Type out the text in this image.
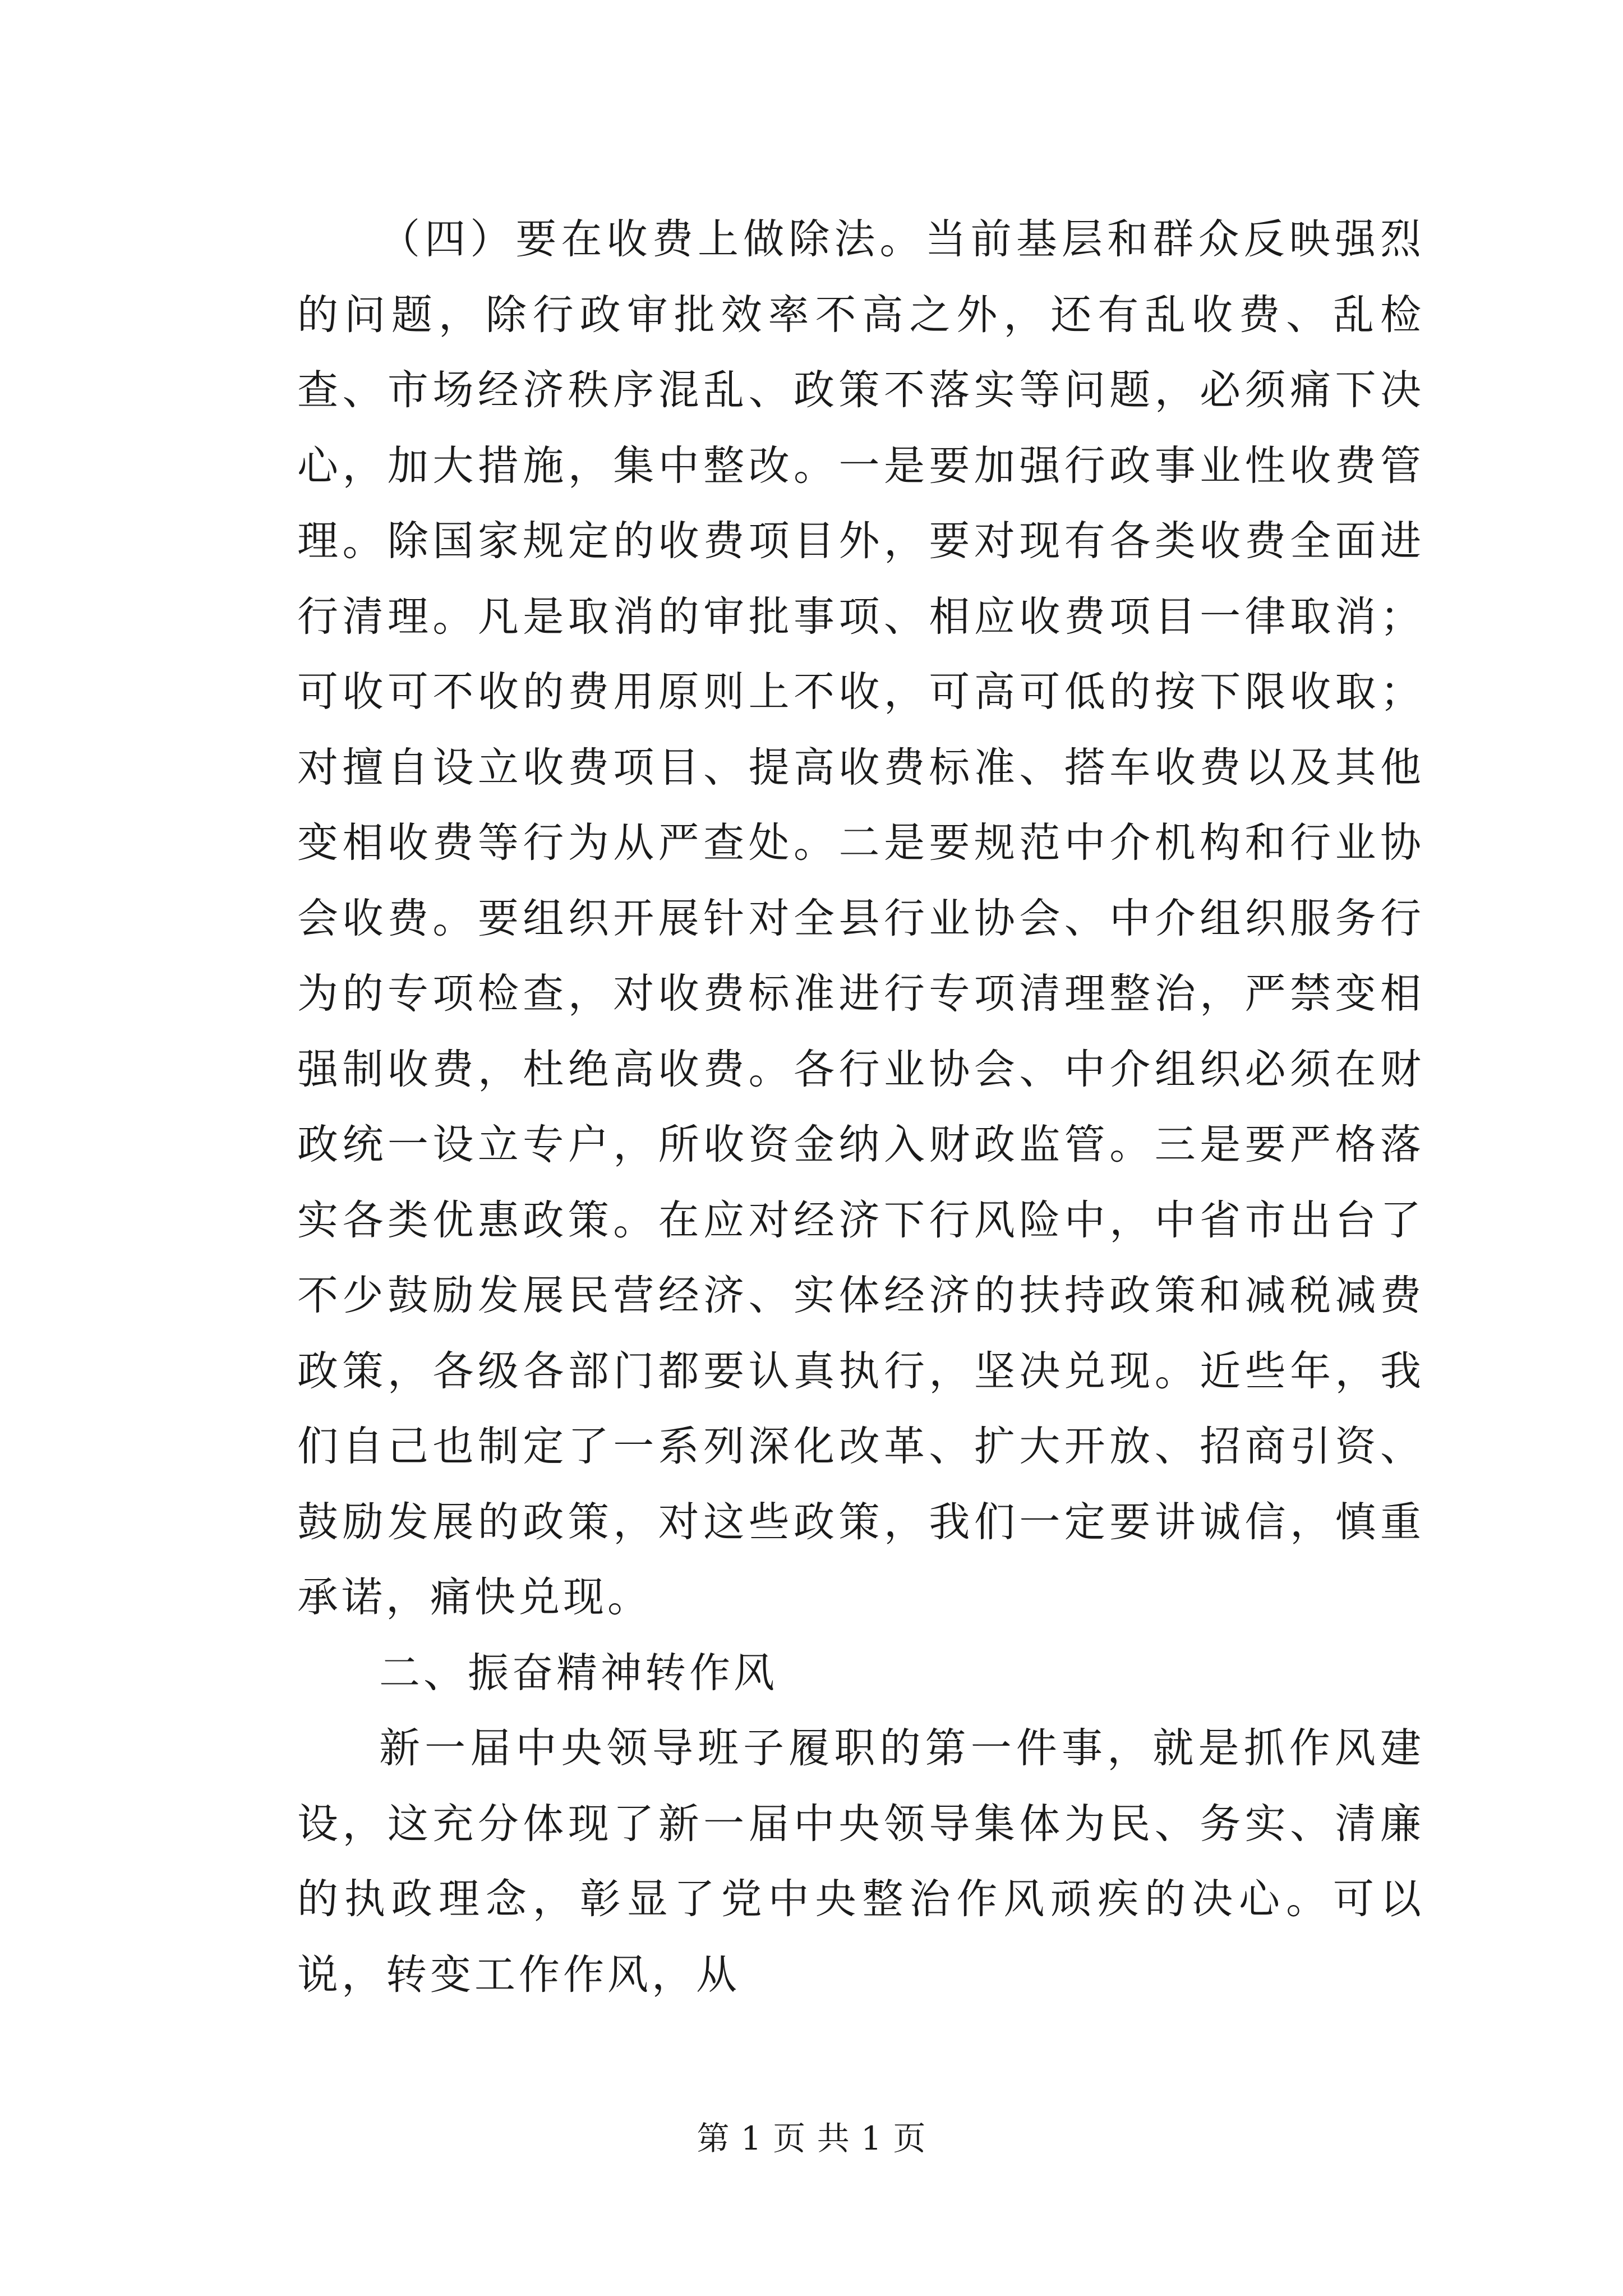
（四）要在收费上做除法。当前基层和群众反映强烈的问题，除行政审批效率不高之外，还有乱收费、乱检查、市场经济秩序混乱、政策不落实等问题，必须痛下决心，加大措施，集中整改。一是要加强行政事业性收费管理。除国家规定的收费项目外，要对现有各类收费全面进行清理。凡是取消的审批事项、相应收费项目一律取消；可收可不收的费用原则上不收，可高可低的按下限收取；对擅自设立收费项目、提高收费标准、搭车收费以及其他变相收费等行为从严查处。二是要规范中介机构和行业协会收费。要组织开展针对全县行业协会、中介组织服务行为的专项检查，对收费标准进行专项清理整治，严禁变相强制收费，杜绝高收费。各行业协会、中介组织必须在财政统一设立专户，所收资金纳入财政监管。三是要严格落实各类优惠政策。在应对经济下行风险中，中省市出台了不少鼓励发展民营经济、实体经济的扶持政策和减税减费政策，各级各部门都要认真执行，坚决兑现。近些年，我们自己也制定了一系列深化改革、扩大开放、招商引资、鼓励发展的政策，对这些政策，我们一定要讲诚信，慎重承诺，痛快兑现。

二、振奋精神转作风

新一届中央领导班子履职的第一件事，就是抓作风建设，这充分体现了新一届中央领导集体为民、务实、清廉的执政理念，彰显了党中央整治作风顽疾的决心。可以说，转变工作作风，从

第 1 页 共 1 页
